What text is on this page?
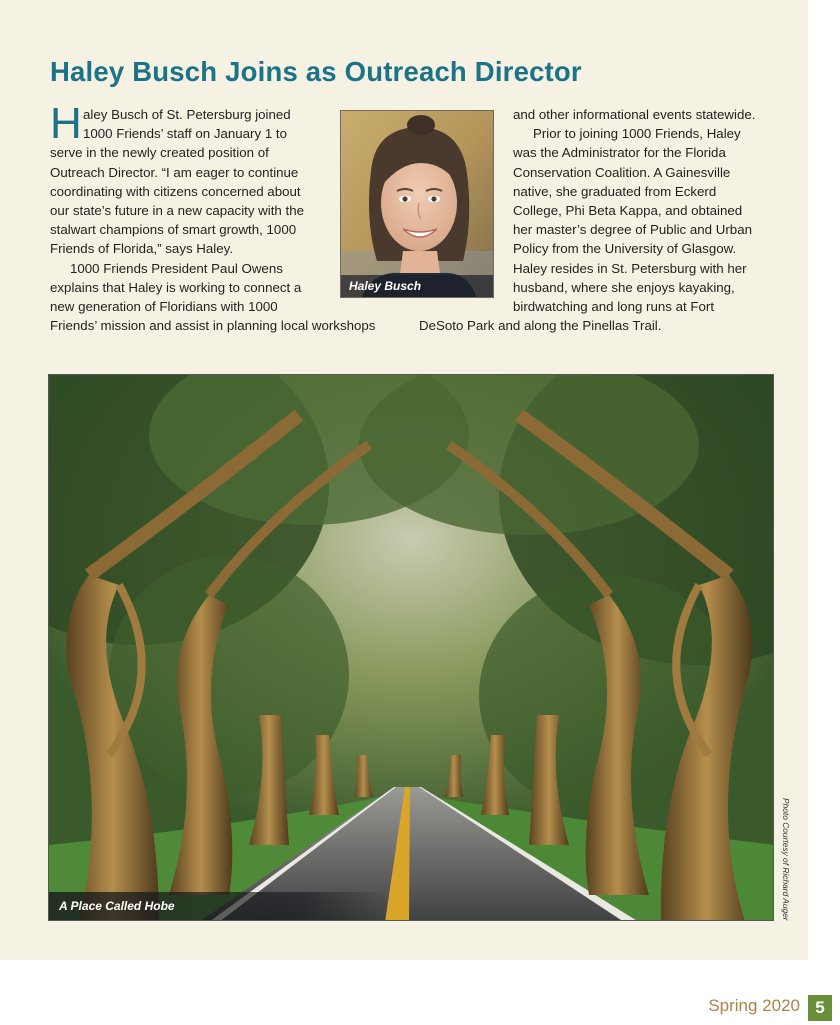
Haley Busch Joins as Outreach Director
H aley Busch of St. Petersburg joined
1000 Friends’ staff on January 1 to
serve in the newly created position of
Outreach Director. “I am eager to continue
coordinating with citizens concerned about
our state’s future in a new capacity with the
stalwart champions of smart growth, 1000
Friends of Florida,” says Haley.
1000 Friends President Paul Owens
explains that Haley is working to connect a
new generation of Floridians with 1000
Friends’ mission and assist in planning local workshops
and other informational events statewide.
Prior to joining 1000 Friends, Haley
was the Administrator for the Florida
Conservation Coalition. A Gainesville
native, she graduated from Eckerd
College, Phi Beta Kappa, and obtained
her master’s degree of Public and Urban
Policy from the University of Glasgow.
Haley resides in St. Petersburg with her
husband, where she enjoys kayaking,
birdwatching and long runs at Fort
DeSoto Park and along the Pinellas Trail.
Haley Busch
A Place Called Hobe	Photo Courtesy of Richard Auger
Spring 2020 5
